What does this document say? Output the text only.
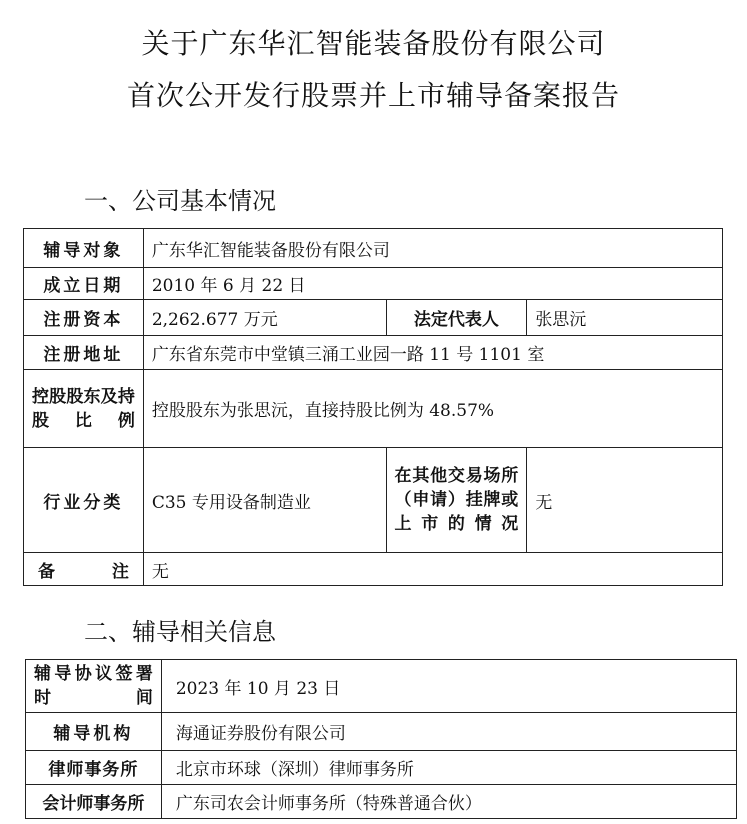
关于广东华汇智能装备股份有限公司
首次公开发行股票并上市辅导备案报告
一、公司基本情况
辅导对象	广东华汇智能装备股份有限公司		
成立日期	2010 年 6 月 22 日		
注册资本	2,262.677 万元	法定代表人	张思沅
注册地址	广东省东莞市中堂镇三涌工业园一路 11 号 1101 室		
控股股东及持股比例	控股股东为张思沅，直接持股比例为 48.57%		
行业分类	C35 专用设备制造业	在其他交易场所（申请）挂牌或上市的情况	无
备注	无		
二、辅导相关信息
辅导协议签署时间	2023 年 10 月 23 日
辅导机构	海通证券股份有限公司
律师事务所	北京市环球（深圳）律师事务所
会计师事务所	广东司农会计师事务所（特殊普通合伙）
